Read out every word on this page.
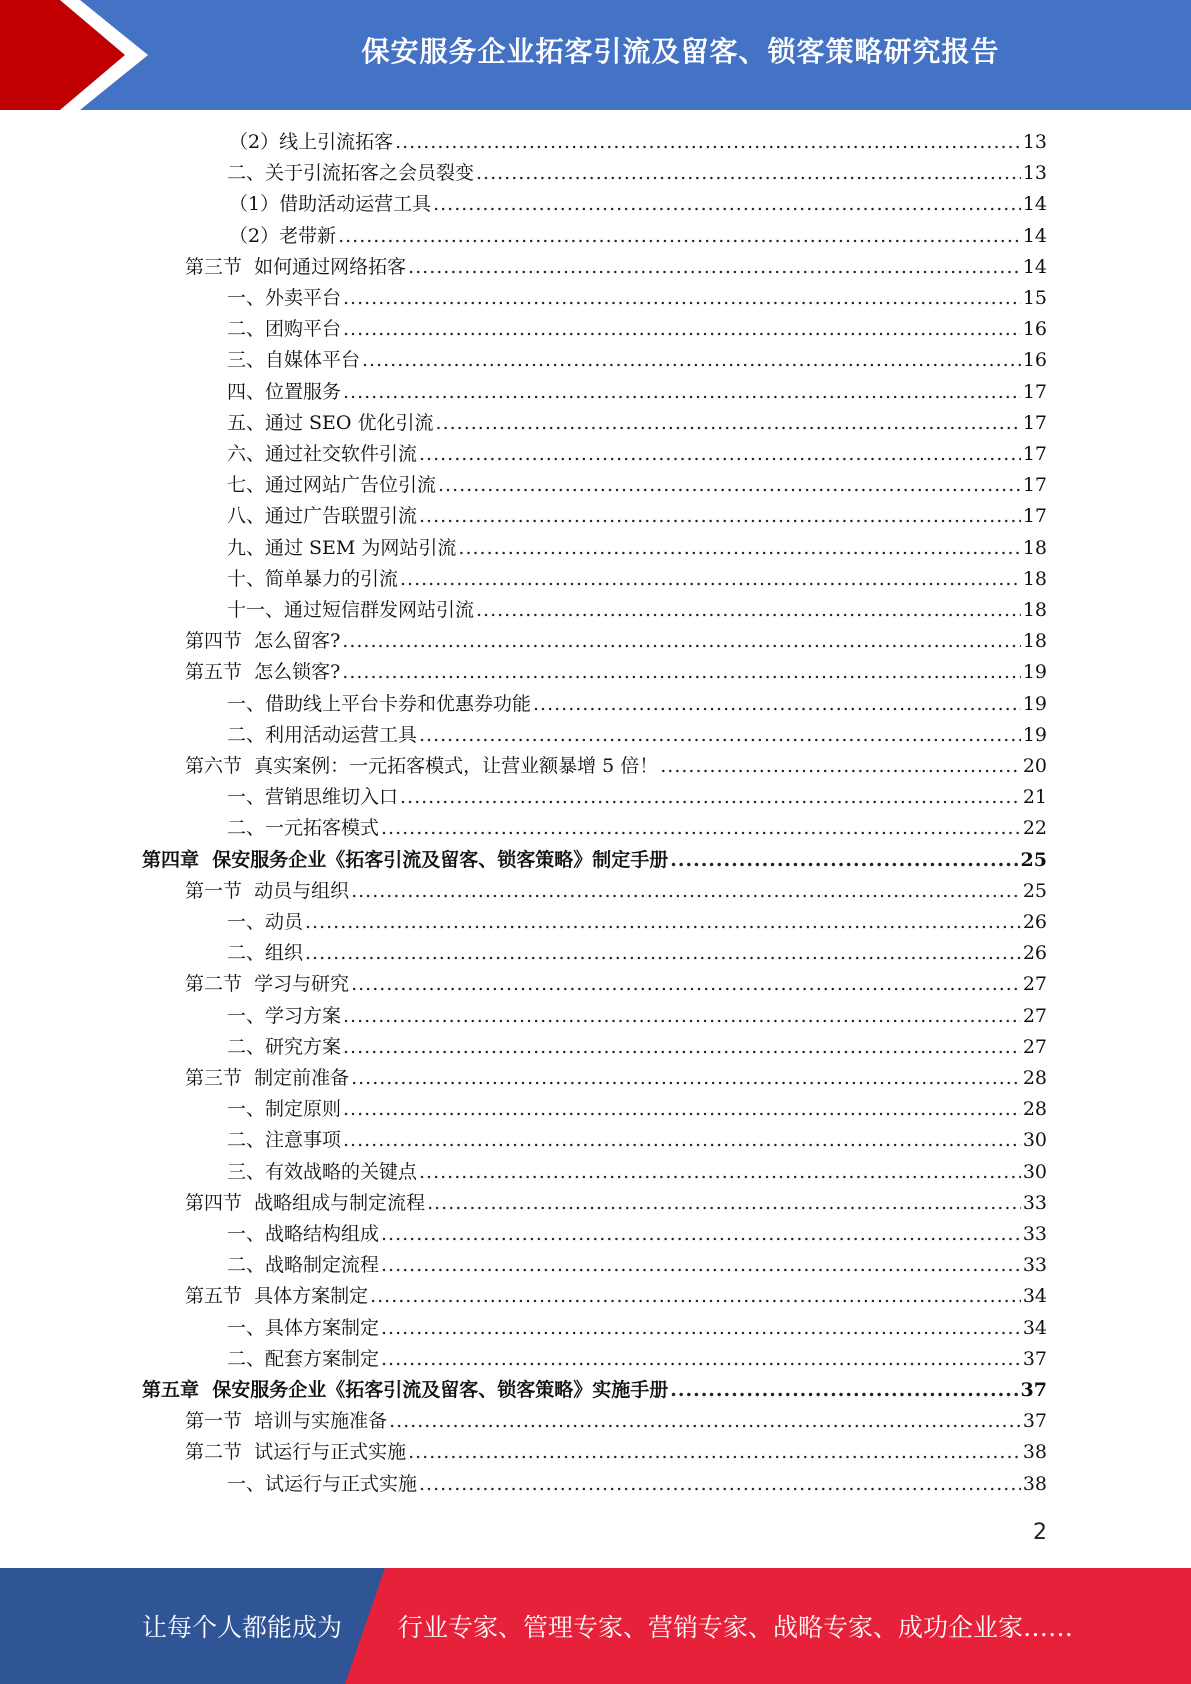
保安服务企业拓客引流及留客、锁客策略研究报告
（2）线上引流拓客 .....	13
二、关于引流拓客之会员裂变 .....	13
（1）借助活动运营工具 .....	14
（2）老带新 .....	14
第三节  如何通过网络拓客 .....	14
一、外卖平台 .....	15
二、团购平台 .....	16
三、自媒体平台 .....	16
四、位置服务 .....	17
五、通过 SEO 优化引流 .....	17
六、通过社交软件引流 .....	17
七、通过网站广告位引流 .....	17
八、通过广告联盟引流 .....	17
九、通过 SEM 为网站引流 .....	18
十、简单暴力的引流 .....	18
十一、通过短信群发网站引流 .....	18
第四节  怎么留客? .....	18
第五节  怎么锁客? .....	19
一、借助线上平台卡券和优惠券功能 .....	19
二、利用活动运营工具 .....	19
第六节  真实案例：一元拓客模式，让营业额暴增 5 倍！ .....	20
一、营销思维切入口 .....	21
二、一元拓客模式 .....	22
第四章  保安服务企业《拓客引流及留客、锁客策略》制定手册 .....	25
第一节  动员与组织 .....	25
一、动员 .....	26
二、组织 .....	26
第二节  学习与研究 .....	27
一、学习方案 .....	27
二、研究方案 .....	27
第三节  制定前准备 .....	28
一、制定原则 .....	28
二、注意事项 .....	30
三、有效战略的关键点 .....	30
第四节  战略组成与制定流程 .....	33
一、战略结构组成 .....	33
二、战略制定流程 .....	33
第五节  具体方案制定 .....	34
一、具体方案制定 .....	34
二、配套方案制定 .....	37
第五章  保安服务企业《拓客引流及留客、锁客策略》实施手册 .....	37
第一节  培训与实施准备 .....	37
第二节  试运行与正式实施 .....	38
一、试运行与正式实施 .....	38
2
让每个人都能成为 行业专家、管理专家、营销专家、战略专家、成功企业家……
